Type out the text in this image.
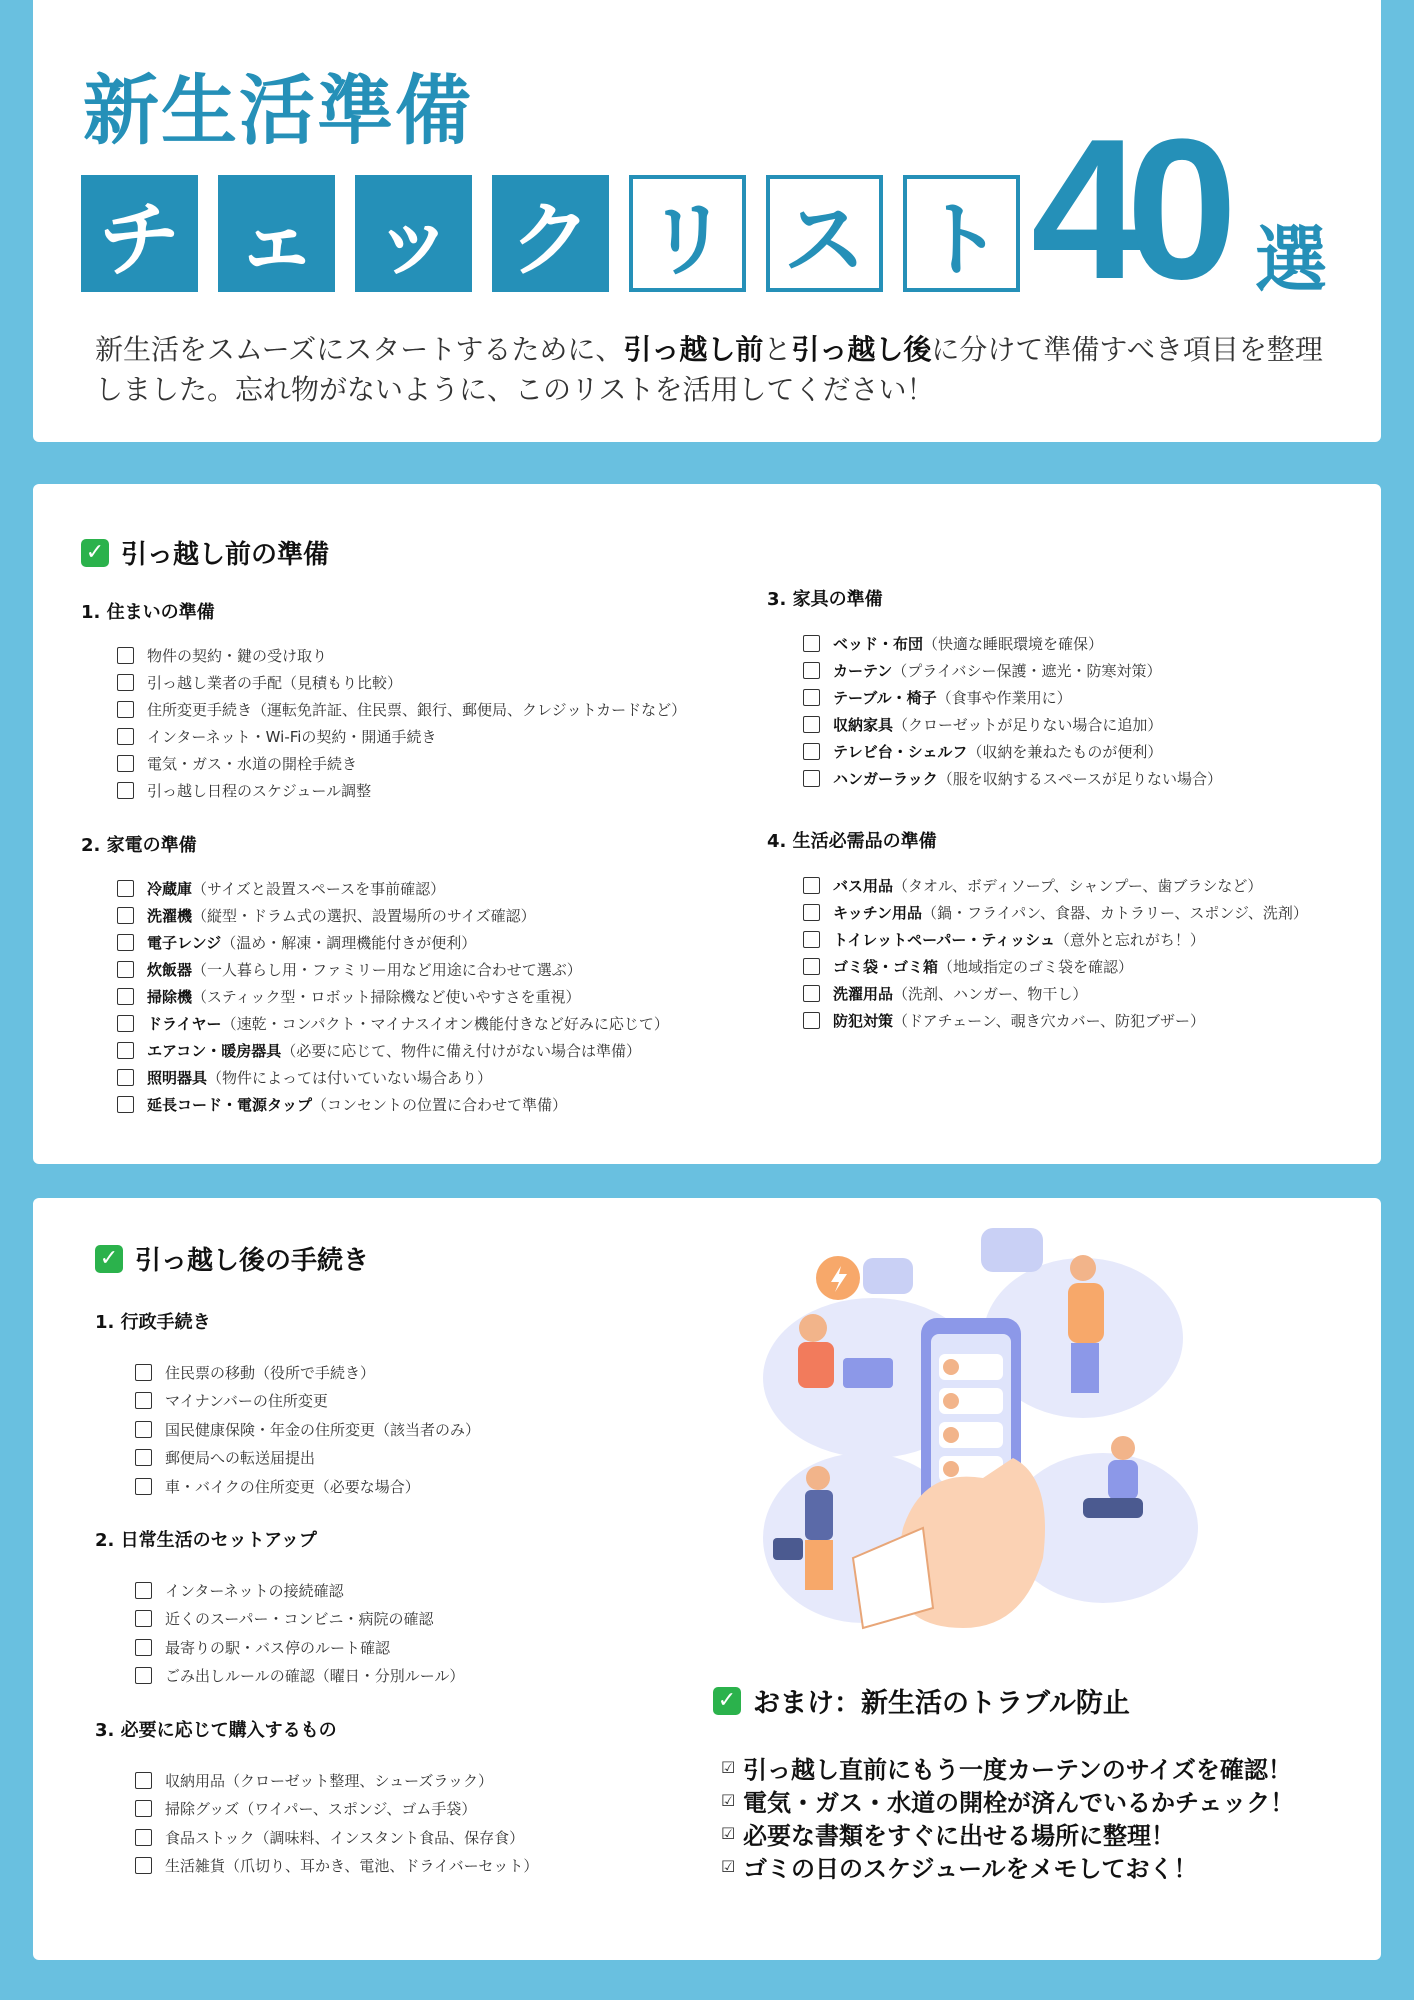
新生活準備
チ ェ ッ ク リ ス ト 40 選

新生活をスムーズにスタートするために、引っ越し前と引っ越し後に分けて準備すべき項目を整理しました。忘れ物がないように、このリストを活用してください！

✓ 引っ越し前の準備
1. 住まいの準備
物件の契約・鍵の受け取り
引っ越し業者の手配（見積もり比較）
住所変更手続き（運転免許証、住民票、銀行、郵便局、クレジットカードなど）
インターネット・Wi-Fiの契約・開通手続き
電気・ガス・水道の開栓手続き
引っ越し日程のスケジュール調整
2. 家電の準備
冷蔵庫 （サイズと設置スペースを事前確認）
洗濯機 （縦型・ドラム式の選択、設置場所のサイズ確認）
電子レンジ （温め・解凍・調理機能付きが便利）
炊飯器 （一人暮らし用・ファミリー用など用途に合わせて選ぶ）
掃除機 （スティック型・ロボット掃除機など使いやすさを重視）
ドライヤー （速乾・コンパクト・マイナスイオン機能付きなど好みに応じて）
エアコン・暖房器具 （必要に応じて、物件に備え付けがない場合は準備）
照明器具 （物件によっては付いていない場合あり）
延長コード・電源タップ （コンセントの位置に合わせて準備）
3. 家具の準備
ベッド・布団 （快適な睡眠環境を確保）
カーテン （プライバシー保護・遮光・防寒対策）
テーブル・椅子 （食事や作業用に）
収納家具 （クローゼットが足りない場合に追加）
テレビ台・シェルフ （収納を兼ねたものが便利）
ハンガーラック （服を収納するスペースが足りない場合）
4. 生活必需品の準備
バス用品 （タオル、ボディソープ、シャンプー、歯ブラシなど）
キッチン用品 （鍋・フライパン、食器、カトラリー、スポンジ、洗剤）
トイレットペーパー・ティッシュ （意外と忘れがち！）
ゴミ袋・ゴミ箱 （地域指定のゴミ袋を確認）
洗濯用品 （洗剤、ハンガー、物干し）
防犯対策 （ドアチェーン、覗き穴カバー、防犯ブザー）
✓ 引っ越し後の手続き
1. 行政手続き
住民票の移動（役所で手続き）
マイナンバーの住所変更
国民健康保険・年金の住所変更（該当者のみ）
郵便局への転送届提出
車・バイクの住所変更（必要な場合）
2. 日常生活のセットアップ
インターネットの接続確認
近くのスーパー・コンビニ・病院の確認
最寄りの駅・バス停のルート確認
ごみ出しルールの確認（曜日・分別ルール）
3. 必要に応じて購入するもの
収納用品（クローゼット整理、シューズラック）
掃除グッズ（ワイパー、スポンジ、ゴム手袋）
食品ストック（調味料、インスタント食品、保存食）
生活雑貨（爪切り、耳かき、電池、ドライバーセット）
✓ おまけ：新生活のトラブル防止
☑ 引っ越し直前にもう一度カーテンのサイズを確認！
☑ 電気・ガス・水道の開栓が済んでいるかチェック！
☑ 必要な書類をすぐに出せる場所に整理！
☑ ゴミの日のスケジュールをメモしておく！
